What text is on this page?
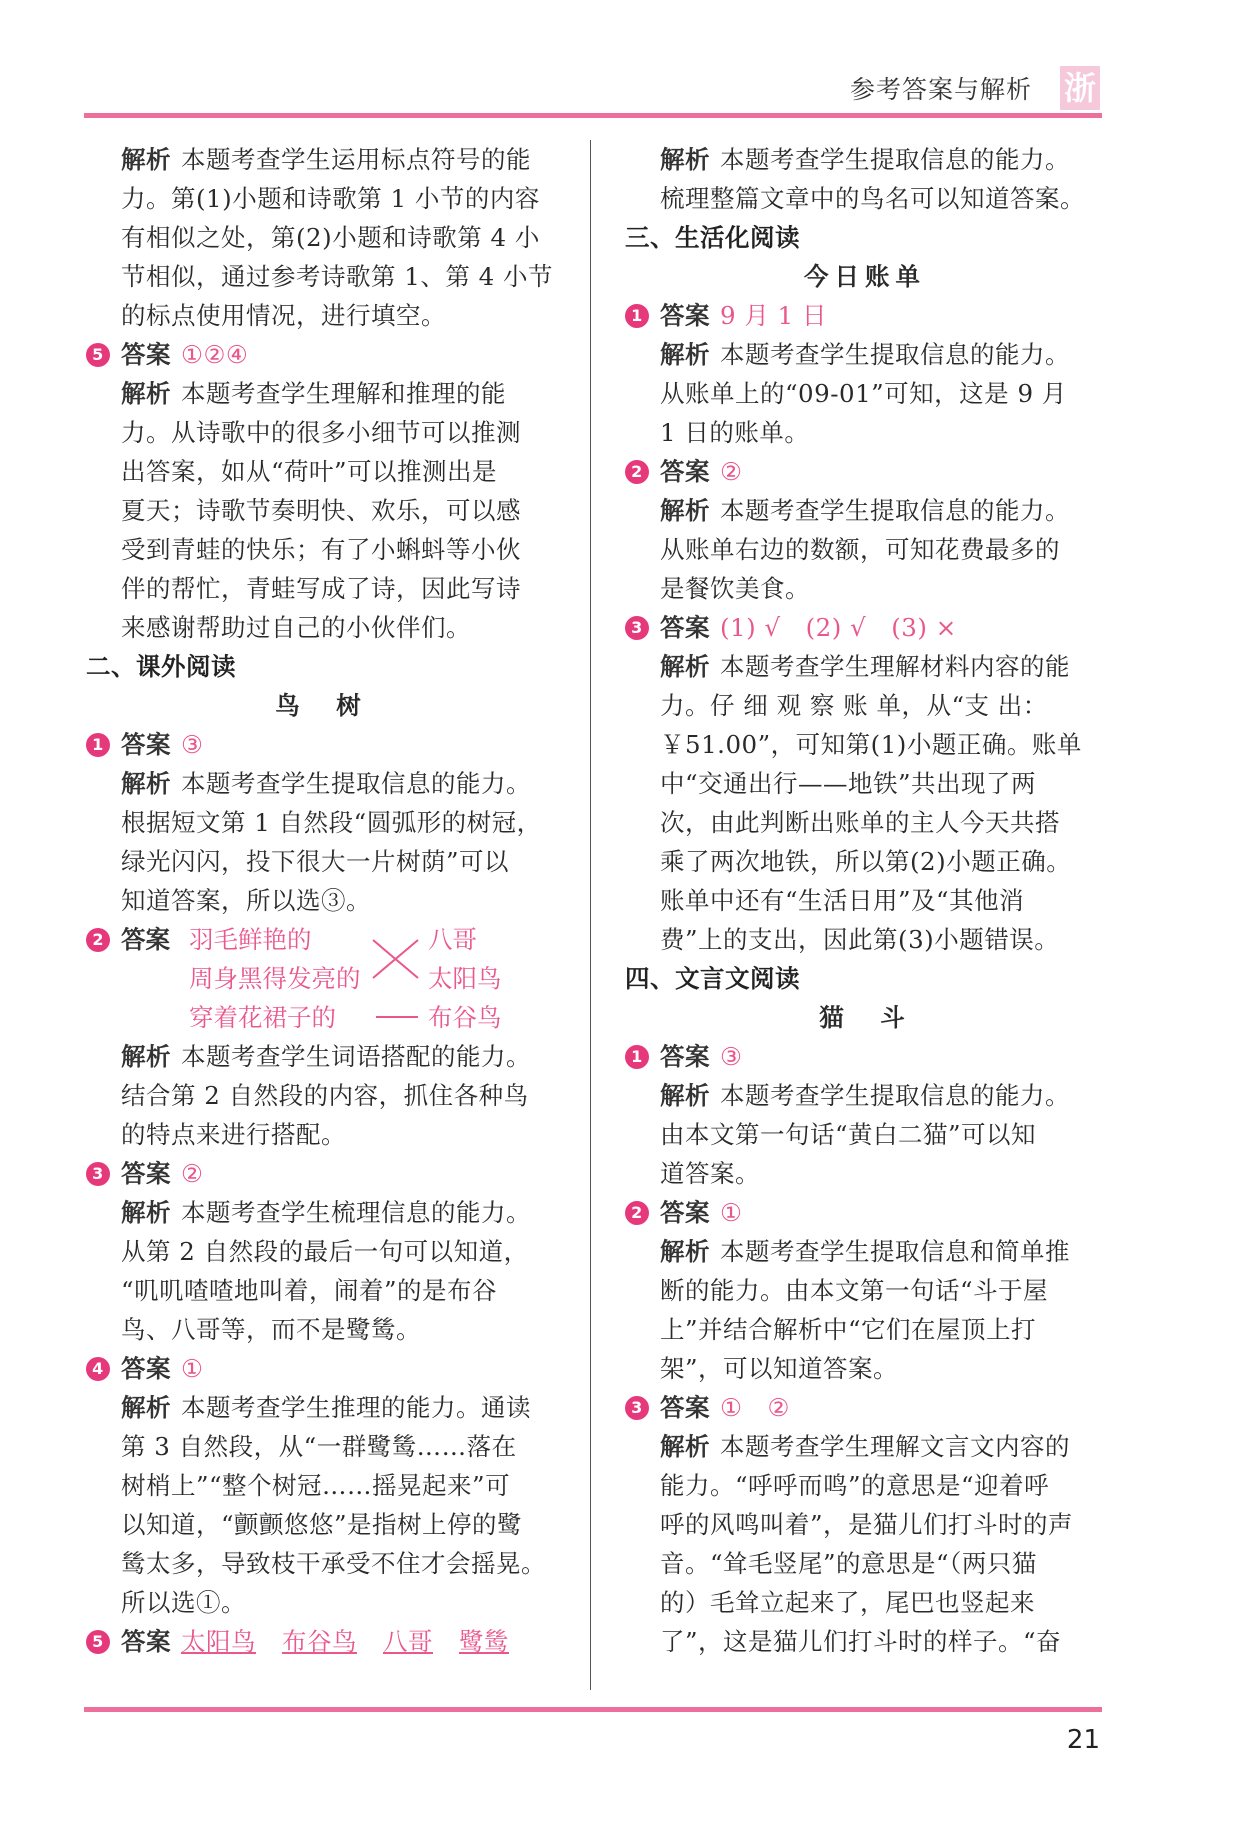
参考答案与解析 浙
解析 本题考查学生运用标点符号的能
力。第(1)小题和诗歌第 1 小节的内容
有相似之处，第(2)小题和诗歌第 4 小
节相似，通过参考诗歌第 1、第 4 小节
的标点使用情况，进行填空。
5 答案 ①②④
解析 本题考查学生理解和推理的能
力。从诗歌中的很多小细节可以推测
出答案，如从“荷叶”可以推测出是
夏天；诗歌节奏明快、欢乐，可以感
受到青蛙的快乐；有了小蝌蚪等小伙
伴的帮忙，青蛙写成了诗，因此写诗
来感谢帮助过自己的小伙伴们。
二、课外阅读
鸟　树
1 答案 ③
解析 本题考查学生提取信息的能力。
根据短文第 1 自然段“圆弧形的树冠，
绿光闪闪，投下很大一片树荫”可以
知道答案，所以选③。
2 答案 羽毛鲜艳的
周身黑得发亮的
穿着花裙子的
八哥
太阳鸟
布谷鸟
解析 本题考查学生词语搭配的能力。
结合第 2 自然段的内容，抓住各种鸟
的特点来进行搭配。
3 答案 ②
解析 本题考查学生梳理信息的能力。
从第 2 自然段的最后一句可以知道，
“叽叽喳喳地叫着，闹着”的是布谷
鸟、八哥等，而不是鹭鸶。
4 答案 ①
解析 本题考查学生推理的能力。通读
第 3 自然段，从“一群鹭鸶……落在
树梢上”“整个树冠……摇晃起来”可
以知道，“颤颤悠悠”是指树上停的鹭
鸶太多，导致枝干承受不住才会摇晃。
所以选①。
5 答案 太阳鸟 布谷鸟 八哥 鹭鸶
解析 本题考查学生提取信息的能力。
梳理整篇文章中的鸟名可以知道答案。
三、生活化阅读
今日账单
1 答案 9 月 1 日
解析 本题考查学生提取信息的能力。
从账单上的“09-01”可知，这是 9 月
1 日的账单。
2 答案 ②
解析 本题考查学生提取信息的能力。
从账单右边的数额，可知花费最多的
是餐饮美食。
3 答案 (1) √　(2) √　(3) ×
解析 本题考查学生理解材料内容的能
力。仔 细 观 察 账 单，从“支 出：
￥51.00”，可知第(1)小题正确。账单
中“交通出行——地铁”共出现了两
次，由此判断出账单的主人今天共搭
乘了两次地铁，所以第(2)小题正确。
账单中还有“生活日用”及“其他消
费”上的支出，因此第(3)小题错误。
四、文言文阅读
猫　斗
1 答案 ③
解析 本题考查学生提取信息的能力。
由本文第一句话“黄白二猫”可以知
道答案。
2 答案 ①
解析 本题考查学生提取信息和简单推
断的能力。由本文第一句话“斗于屋
上”并结合解析中“它们在屋顶上打
架”，可以知道答案。
3 答案 ①　②
解析 本题考查学生理解文言文内容的
能力。“呼呼而鸣”的意思是“迎着呼
呼的风鸣叫着”，是猫儿们打斗时的声
音。“耸毛竖尾”的意思是“（两只猫
的）毛耸立起来了，尾巴也竖起来
了”，这是猫儿们打斗时的样子。“奋
21
